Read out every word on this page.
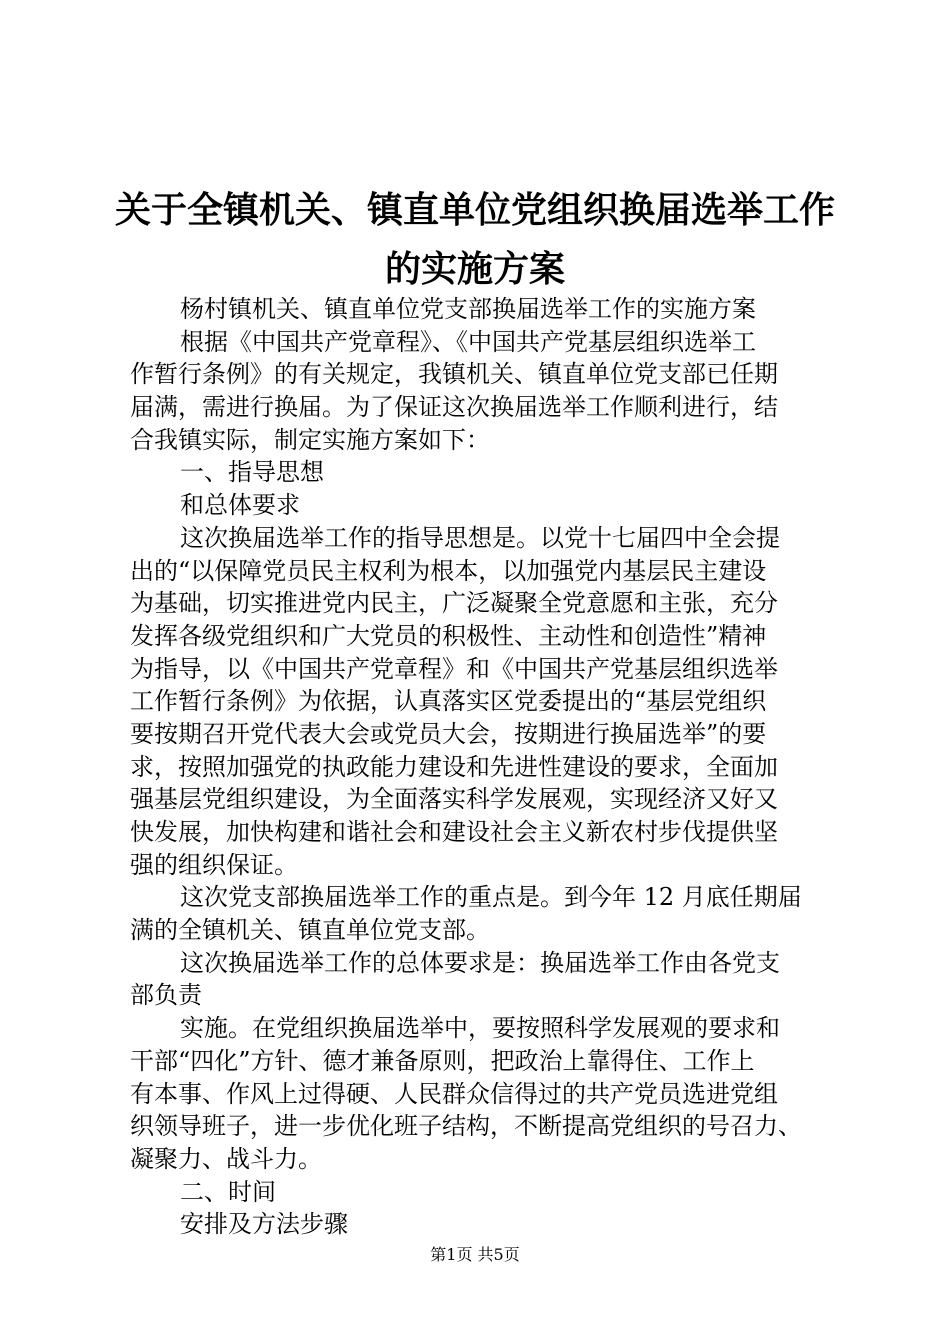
关于全镇机关、镇直单位党组织换届选举工作
的实施方案
杨村镇机关、镇直单位党支部换届选举工作的实施方案
根据《中国共产党章程》、《中国共产党基层组织选举工
作暂行条例》的有关规定，我镇机关、镇直单位党支部已任期
届满，需进行换届。为了保证这次换届选举工作顺利进行，结
合我镇实际，制定实施方案如下：
一、指导思想
和总体要求
这次换届选举工作的指导思想是。以党十七届四中全会提
出的“以保障党员民主权利为根本，以加强党内基层民主建设
为基础，切实推进党内民主，广泛凝聚全党意愿和主张，充分
发挥各级党组织和广大党员的积极性、主动性和创造性”精神
为指导，以《中国共产党章程》和《中国共产党基层组织选举
工作暂行条例》为依据，认真落实区党委提出的“基层党组织
要按期召开党代表大会或党员大会，按期进行换届选举”的要
求，按照加强党的执政能力建设和先进性建设的要求，全面加
强基层党组织建设，为全面落实科学发展观，实现经济又好又
快发展，加快构建和谐社会和建设社会主义新农村步伐提供坚
强的组织保证。
这次党支部换届选举工作的重点是。到今年 12 月底任期届
满的全镇机关、镇直单位党支部。
这次换届选举工作的总体要求是：换届选举工作由各党支
部负责
实施。在党组织换届选举中，要按照科学发展观的要求和
干部“四化”方针、德才兼备原则，把政治上靠得住、工作上
有本事、作风上过得硬、人民群众信得过的共产党员选进党组
织领导班子，进一步优化班子结构，不断提高党组织的号召力、
凝聚力、战斗力。
二、时间
安排及方法步骤
第1页 共5页
